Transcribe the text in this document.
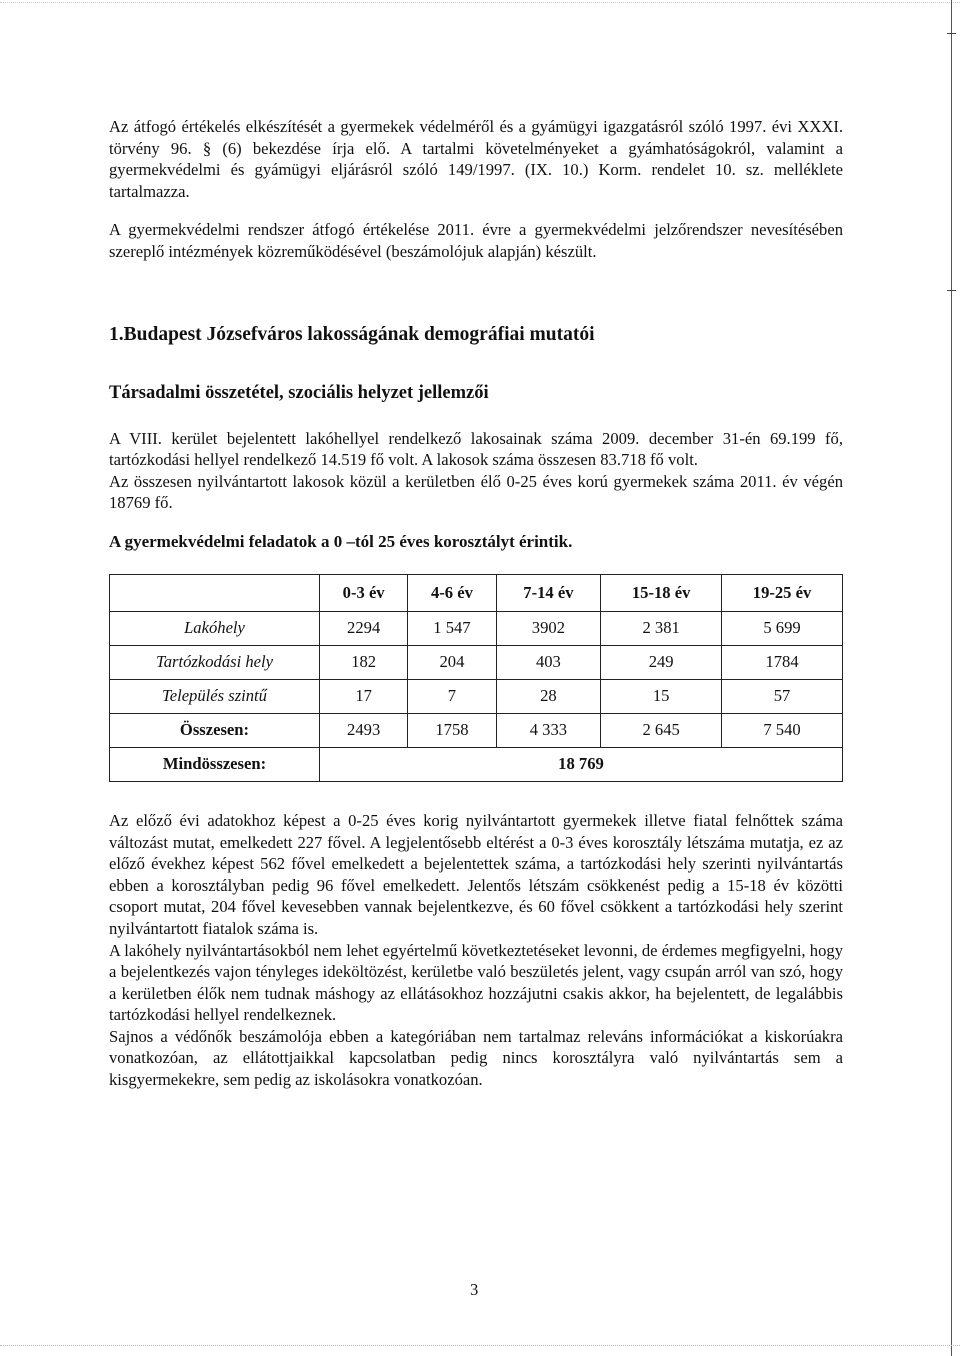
Az átfogó értékelés elkészítését a gyermekek védelméről és a gyámügyi igazgatásról szóló 1997. évi XXXI. törvény 96. § (6) bekezdése írja elő. A tartalmi követelményeket a gyámhatóságokról, valamint a gyermekvédelmi és gyámügyi eljárásról szóló 149/1997. (IX. 10.) Korm. rendelet 10. sz. melléklete tartalmazza.

A gyermekvédelmi rendszer átfogó értékelése 2011. évre a gyermekvédelmi jelzőrendszer nevesítésében szereplő intézmények közreműködésével (beszámolójuk alapján) készült.

1.Budapest Józsefváros lakosságának demográfiai mutatói
Társadalmi összetétel, szociális helyzet jellemzői

A VIII. kerület bejelentett lakóhellyel rendelkező lakosainak száma 2009. december 31-én 69.199 fő, tartózkodási hellyel rendelkező 14.519 fő volt. A lakosok száma összesen 83.718 fő volt.

Az összesen nyilvántartott lakosok közül a kerületben élő 0-25 éves korú gyermekek száma 2011. év végén 18769 fő.

A gyermekvédelmi feladatok a 0 –tól 25 éves korosztályt érintik.
	0-3 év	4-6 év	7-14 év	15-18 év	19-25 év
Lakóhely	2294	1 547	3902	2 381	5 699
Tartózkodási hely	182	204	403	249	1784
Település szintű	17	7	28	15	57
Összesen:	2493	1758	4 333	2 645	7 540
Mindösszesen:	18 769				

Az előző évi adatokhoz képest a 0-25 éves korig nyilvántartott gyermekek illetve fiatal felnőttek száma változást mutat, emelkedett 227 fővel. A legjelentősebb eltérést a 0-3 éves korosztály létszáma mutatja, ez az előző évekhez képest 562 fővel emelkedett a bejelentettek száma, a tartózkodási hely szerinti nyilvántartás ebben a korosztályban pedig 96 fővel emelkedett. Jelentős létszám csökkenést pedig a 15-18 év közötti csoport mutat, 204 fővel kevesebben vannak bejelentkezve, és 60 fővel csökkent a tartózkodási hely szerint nyilvántartott fiatalok száma is.

A lakóhely nyilvántartásokból nem lehet egyértelmű következtetéseket levonni, de érdemes megfigyelni, hogy a bejelentkezés vajon tényleges ideköltözést, kerületbe való beszületés jelent, vagy csupán arról van szó, hogy a kerületben élők nem tudnak máshogy az ellátásokhoz hozzájutni csakis akkor, ha bejelentett, de legalábbis tartózkodási hellyel rendelkeznek.

Sajnos a védőnők beszámolója ebben a kategóriában nem tartalmaz releváns információkat a kiskorúakra vonatkozóan, az ellátottjaikkal kapcsolatban pedig nincs korosztályra való nyilvántartás sem a kisgyermekekre, sem pedig az iskolásokra vonatkozóan.

3
